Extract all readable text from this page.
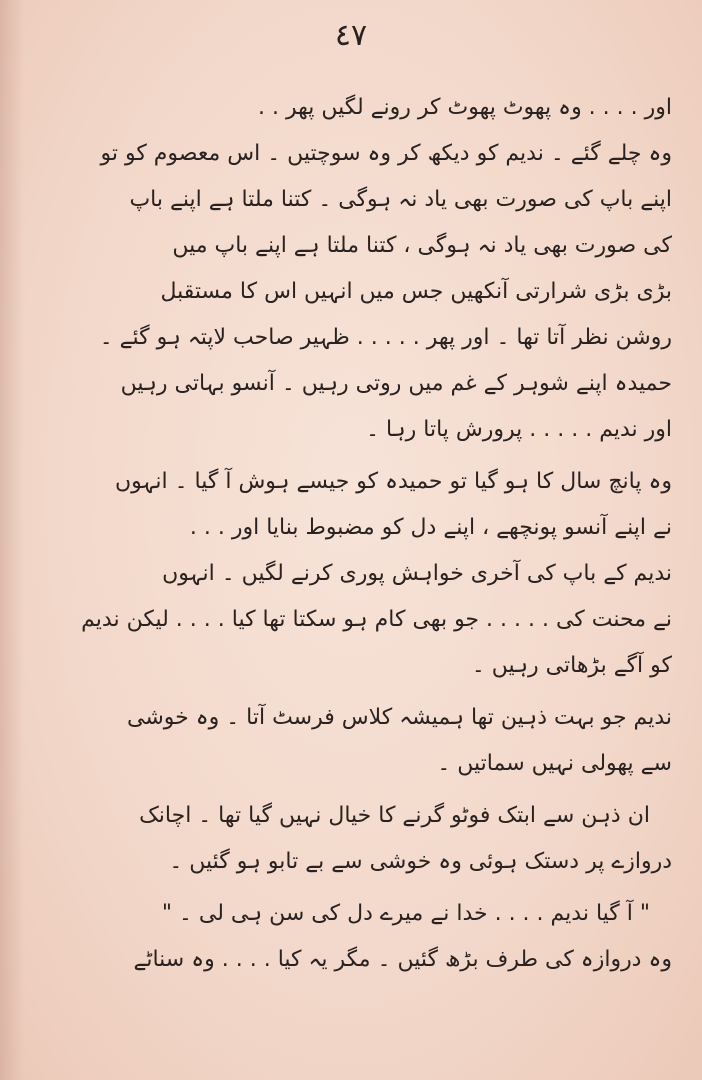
٤٧
اور . . . . وہ پھوٹ پھوٹ کر رونے لگیں پھر . .
وہ چلے گئے ۔ ندیم کو دیکھ کر وہ سوچتیں ۔ اس معصوم کو تو
اپنے باپ کی صورت بھی یاد نہ ہوگی ۔ کتنا ملتا ہے اپنے باپ
کی صورت بھی یاد نہ ہوگی ، کتنا ملتا ہے اپنے باپ میں
بڑی بڑی شرارتی آنکھیں جس میں انہیں اس کا مستقبل
روشن نظر آتا تھا ۔ اور پھر . . . . . ظہیر صاحب لاپتہ ہو گئے ۔
حمیدہ اپنے شوہر کے غم میں روتی رہیں ۔ آنسو بہاتی رہیں
اور ندیم . . . . . پرورش پاتا رہا ۔
وہ پانچ سال کا ہو گیا تو حمیدہ کو جیسے ہوش آ گیا ۔ انہوں
نے اپنے آنسو پونچھے ، اپنے دل کو مضبوط بنایا اور . . .
ندیم کے باپ کی آخری خواہش پوری کرنے لگیں ۔ انہوں
نے محنت کی . . . . . جو بھی کام ہو سکتا تھا کیا . . . . لیکن ندیم
کو آگے بڑھاتی رہیں ۔
ندیم جو بہت ذہین تھا ہمیشہ کلاس فرسٹ آتا ۔ وہ خوشی
سے پھولی نہیں سماتیں ۔
ان ذہن سے ابتک فوٹو گرنے کا خیال نہیں گیا تھا ۔ اچانک
دروازے پر دستک ہوئی وہ خوشی سے بے تابو ہو گئیں ۔
" آ گیا ندیم . . . . خدا نے میرے دل کی سن ہی لی ۔ "
وہ دروازہ کی طرف بڑھ گئیں ۔ مگر یہ کیا . . . . وہ سناٹے
